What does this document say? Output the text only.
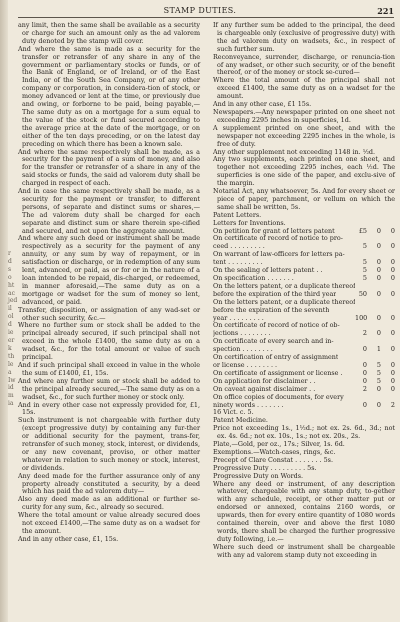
r
d
s
o
ht
ac
jed
il
ol
d
ie
er
k
th
le
a
Iw
id
m
ia
STAMP DUTIES.	221

any limit, then the same shall be available as a security or charge for such an amount only as the ad valorem duty denoted by the stamp will cover.

And where the same is made as a security for the transfer or retransfer of any share in any of the government or parliamentary stocks or funds, or of the Bank of England, or of Ireland, or of the East India, or of the South Sea Company, or of any other company or corporation, in considera-tion of stock, or money advanced or lent at the time, or previously due and owing, or forborne to be paid, being payable,—The same duty as on a mortgage for a sum equal to the value of the stock or fund secured according to the average price at the date of the mortgage, or on either of the ten days preceding, or on the latest day preceding on which there has been a known sale.

And where the same respectively shall be made, as a security for the payment of a sum of money, and also for the transfer or retransfer of a share in any of the said stocks or funds, the said ad valorem duty shall be charged in respect of each.

And in case the same respectively shall be made, as a security for the payment or transfer, to different persons, of separate and distinct sums or shares,— The ad valorem duty shall be charged for each separate and distinct sum or share therein spe-cified and secured, and not upon the aggregate amount.

And where any such deed or instrument shall be made respectively as a security for the payment of any annuity, or any sum by way of repayment, or in satisfaction or discharge, or in redemption of any sum lent, advanced, or paid, as or for or in the nature of a loan intended to be repaid, dis-charged, or redeemed, in manner aforesaid,—The same duty as on a mortgage or wadset for the sum of money so lent, advanced, or paid.

Transfer, disposition, or assignation of any wad-set or other such security, &c.—

Where no further sum or stock shall be added to the principal already secured, if such principal shall not exceed in the whole £1400, the same duty as on a wadset, &c., for the total amount or value of such principal.

And if such principal shall exceed in value in the whole the sum of £1400, £1, 15s.

And where any further sum or stock shall be added to the principal already secured,—The same duty as on a wadset, &c., for such further money or stock only.

And in every other case not expressly provided for, £1, 15s.

Such instrument is not chargeable with further duty (except progressive duty) by containing any fur-ther or additional security for the payment, trans-fer, retransfer of such money, stock, interest, or dividends, or any new covenant, proviso, or other matter whatever in relation to such money or stock, interest, or dividends.

Any deed made for the further assurance only of any property already constituted a security, by a deed which has paid the ad valorem duty—

Also any deed made as an additional or further se-curity for any sum, &c., already so secured.

Where the total amount or value already secured does not exceed £1400,—The same duty as on a wadset for the amount.

And in any other case, £1, 15s.

If any further sum be added to the principal, the deed is chargeable only (exclusive of progressive duty) with the ad valorem duty on wadsets, &c., in respect of such further sum.

Reconveyance, surrender, discharge, or renuncia-tion of any wadset, or other such security, or of the benefit thereof, or of the money or stock se-cured—

Where the total amount of the principal shall not exceed £1400, the same duty as on a wadset for the amount.

And in any other case, £1 15s.

Newspapers.—Any newspaper printed on one sheet not exceeding 2295 inches in superficies, 1d.

A supplement printed on one sheet, and with the newspaper not exceeding 2295 inches in the whole, is free of duty.

Any other supplement not exceeding 1148 in. ½d.

Any two supplements, each printed on one sheet, and together not exceeding 2295 inches, each ½d. The superficies is one side of the paper, and exclu-sive of the margin.

Notarial Act, any whatsoever, 5s. And for every sheet or piece of paper, parchment, or vellum on which the same shall be written, 5s.

Patent Letters.

Letters for Inventions.

On petition for grant of letters patent	£5	0	0
On certificate of record of notice to pro-
ceed . . . . . . . . .	5	0	0
On warrant of law-officers for letters pa-
tent . . . . . . . . .	5	0	0
On the sealing of letters patent . .	5	0	0
On specification . . . . . . .	5	0	0
On the letters patent, or a duplicate thereof
before the expiration of the third year	50	0	0
On the letters patent, or a duplicate thereof
before the expiration of the seventh
year . . . . . . . . .	100	0	0
On certificate of record of notice of ob-
jections . . . . . . . .	2	0	0
On certificate of every search and in-
spection . . . . . . . .	0	1	0
On certification of entry of assignment
or license . . . . . . . .	0	5	0
On certificate of assignment or license .	0	5	0
On application for disclaimer . .	0	5	0
On caveat against disclaimer . .	2	0	0
On office copies of documents, for every
ninety words . . . . . . .	0	0	2
16 Vict. c. 5.

Patent Medicine.

Price not exceeding 1s., 1½d.; not ex. 2s. 6d., 3d.; not ex. 4s. 6d.; not ex. 10s., 1s.; not ex. 20s., 2s.

Plate,—Gold, per oz., 17s.; Silver, 1s. 6d.

Exemptions.—Watch-cases, rings, &c.

Precept of Clare Constat . . . . . . . 5s.

Progressive Duty . . . . . . . . . 5s.

Progressive Duty on Words.

Where any deed or instrument, of any description whatever, chargeable with any stamp duty, to-gether with any schedule, receipt, or other matter put or endorsed or annexed, contains 2160 words, or upwards, then for every entire quantity of 1080 words contained therein, over and above the first 1080 words, there shall be charged the further progressive duty following, i.e.—

Where such deed or instrument shall be chargeable with any ad valorem stamp duty not exceeding in
